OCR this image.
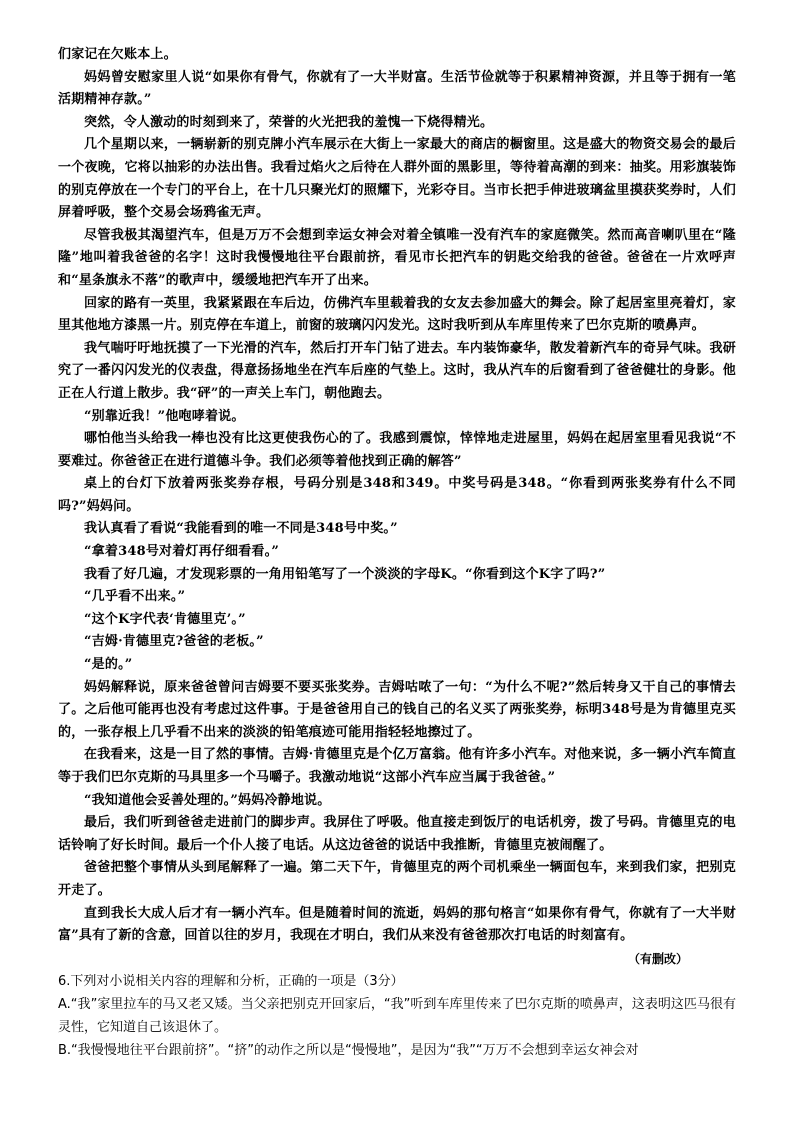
们家记在欠账本上。

妈妈曾安慰家里人说“如果你有骨气，你就有了一大半财富。生活节俭就等于积累精神资源，并且等于拥有一笔活期精神存款。”

突然，令人激动的时刻到来了，荣誉的火光把我的羞愧一下烧得精光。

几个星期以来，一辆崭新的别克牌小汽车展示在大街上一家最大的商店的橱窗里。这是盛大的物资交易会的最后一个夜晚，它将以抽彩的办法出售。我看过焰火之后待在人群外面的黑影里，等待着高潮的到来：抽奖。用彩旗装饰的别克停放在一个专门的平台上，在十几只聚光灯的照耀下，光彩夺目。当市长把手伸进玻璃盆里摸获奖券时，人们屏着呼吸，整个交易会场鸦雀无声。

尽管我极其渴望汽车，但是万万不会想到幸运女神会对着全镇唯一没有汽车的家庭微笑。然而高音喇叭里在“隆隆”地叫着我爸爸的名字！这时我慢慢地往平台跟前挤，看见市长把汽车的钥匙交给我的爸爸。爸爸在一片欢呼声和“星条旗永不落”的歌声中，缓缓地把汽车开了出来。

回家的路有一英里，我紧紧跟在车后边，仿佛汽车里载着我的女友去参加盛大的舞会。除了起居室里亮着灯，家里其他地方漆黑一片。别克停在车道上，前窗的玻璃闪闪发光。这时我听到从车库里传来了巴尔克斯的喷鼻声。

我气喘吁吁地抚摸了一下光滑的汽车，然后打开车门钻了进去。车内装饰豪华，散发着新汽车的奇异气味。我研究了一番闪闪发光的仪表盘，得意扬扬地坐在汽车后座的气垫上。这时，我从汽车的后窗看到了爸爸健壮的身影。他正在人行道上散步。我“砰”的一声关上车门，朝他跑去。

“别靠近我！”他咆哮着说。

哪怕他当头给我一棒也没有比这更使我伤心的了。我感到震惊，悻悻地走进屋里，妈妈在起居室里看见我说“不要难过。你爸爸正在进行道德斗争。我们必须等着他找到正确的解答”

桌上的台灯下放着两张奖券存根，号码分别是348和349。中奖号码是348。“你看到两张奖券有什么不同吗?”妈妈问。

我认真看了看说“我能看到的唯一不同是348号中奖。”

“拿着348号对着灯再仔细看看。”

我看了好几遍，才发现彩票的一角用铅笔写了一个淡淡的字母K。“你看到这个K字了吗?”

“几乎看不出来。”

“这个K字代表‘肯德里克’。”

“吉姆·肯德里克?爸爸的老板。”

“是的。”

妈妈解释说，原来爸爸曾问吉姆要不要买张奖券。吉姆咕哝了一句：“为什么不呢?”然后转身又干自己的事情去了。之后他可能再也没有考虑过这件事。于是爸爸用自己的钱自己的名义买了两张奖券，标明348号是为肯德里克买的，一张存根上几乎看不出来的淡淡的铅笔痕迹可能用指轻轻地擦过了。

在我看来，这是一目了然的事情。吉姆·肯德里克是个亿万富翁。他有许多小汽车。对他来说，多一辆小汽车简直等于我们巴尔克斯的马具里多一个马嚼子。我激动地说“这部小汽车应当属于我爸爸。”

“我知道他会妥善处理的。”妈妈冷静地说。

最后，我们听到爸爸走进前门的脚步声。我屏住了呼吸。他直接走到饭厅的电话机旁，拨了号码。肯德里克的电话铃响了好长时间。最后一个仆人接了电话。从这边爸爸的说话中我推断，肯德里克被闹醒了。

爸爸把整个事情从头到尾解释了一遍。第二天下午，肯德里克的两个司机乘坐一辆面包车，来到我们家，把别克开走了。

直到我长大成人后才有一辆小汽车。但是随着时间的流逝，妈妈的那句格言“如果你有骨气，你就有了一大半财富”具有了新的含意，回首以往的岁月，我现在才明白，我们从来没有爸爸那次打电话的时刻富有。

（有删改）

6.下列对小说相关内容的理解和分析，正确的一项是（3分）

A.“我”家里拉车的马又老又矮。当父亲把别克开回家后，“我”听到车库里传来了巴尔克斯的喷鼻声，这表明这匹马很有灵性，它知道自己该退休了。

B.“我慢慢地往平台跟前挤”。“挤”的动作之所以是“慢慢地”，是因为“我”“万万不会想到幸运女神会对
